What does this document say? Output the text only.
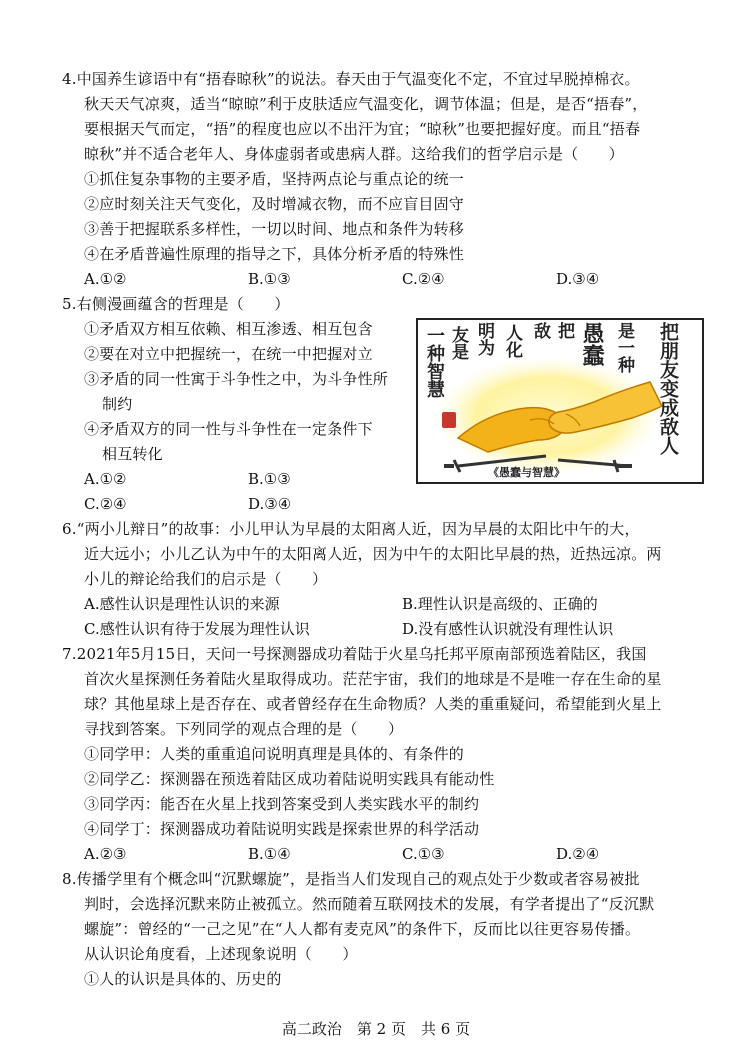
4.中国养生谚语中有“捂春晾秋”的说法。春天由于气温变化不定，不宜过早脱掉棉衣。
秋天天气凉爽，适当“晾晾”利于皮肤适应气温变化，调节体温；但是，是否“捂春”，
要根据天气而定，“捂”的程度也应以不出汗为宜；“晾秋”也要把握好度。而且“捂春
晾秋”并不适合老年人、身体虚弱者或患病人群。这给我们的哲学启示是（　　）
①抓住复杂事物的主要矛盾，坚持两点论与重点论的统一
②应时刻关注天气变化，及时增减衣物，而不应盲目固守
③善于把握联系多样性，一切以时间、地点和条件为转移
④在矛盾普遍性原理的指导之下，具体分析矛盾的特殊性
A.①②	B.①③	C.②④	D.③④
5.右侧漫画蕴含的哲理是（　　）
①矛盾双方相互依赖、相互渗透、相互包含
②要在对立中把握统一，在统一中把握对立
③矛盾的同一性寓于斗争性之中，为斗争性所
制约
④矛盾双方的同一性与斗争性在一定条件下
相互转化
A.①②	B.①③
C.②④	D.③④
一种智慧 友是 明为 人化 敌 把 愚蠢 是一种 把朋友变成敌人
《愚蠢与智慧》
6.“两小儿辩日”的故事：小儿甲认为早晨的太阳离人近，因为早晨的太阳比中午的大，
近大远小；小儿乙认为中午的太阳离人近，因为中午的太阳比早晨的热，近热远凉。两
小儿的辩论给我们的启示是（　　）
A.感性认识是理性认识的来源	B.理性认识是高级的、正确的
C.感性认识有待于发展为理性认识	D.没有感性认识就没有理性认识
7.2021年5月15日，天问一号探测器成功着陆于火星乌托邦平原南部预选着陆区，我国
首次火星探测任务着陆火星取得成功。茫茫宇宙，我们的地球是不是唯一存在生命的星
球？其他星球上是否存在、或者曾经存在生命物质？人类的重重疑问，希望能到火星上
寻找到答案。下列同学的观点合理的是（　　）
①同学甲：人类的重重追问说明真理是具体的、有条件的
②同学乙：探测器在预选着陆区成功着陆说明实践具有能动性
③同学丙：能否在火星上找到答案受到人类实践水平的制约
④同学丁：探测器成功着陆说明实践是探索世界的科学活动
A.②③	B.①④	C.①③	D.②④
8.传播学里有个概念叫“沉默螺旋”，是指当人们发现自己的观点处于少数或者容易被批
判时，会选择沉默来防止被孤立。然而随着互联网技术的发展，有学者提出了“反沉默
螺旋”：曾经的“一己之见”在“人人都有麦克风”的条件下，反而比以往更容易传播。
从认识论角度看，上述现象说明（　　）
①人的认识是具体的、历史的
高二政治　第 2 页　共 6 页
